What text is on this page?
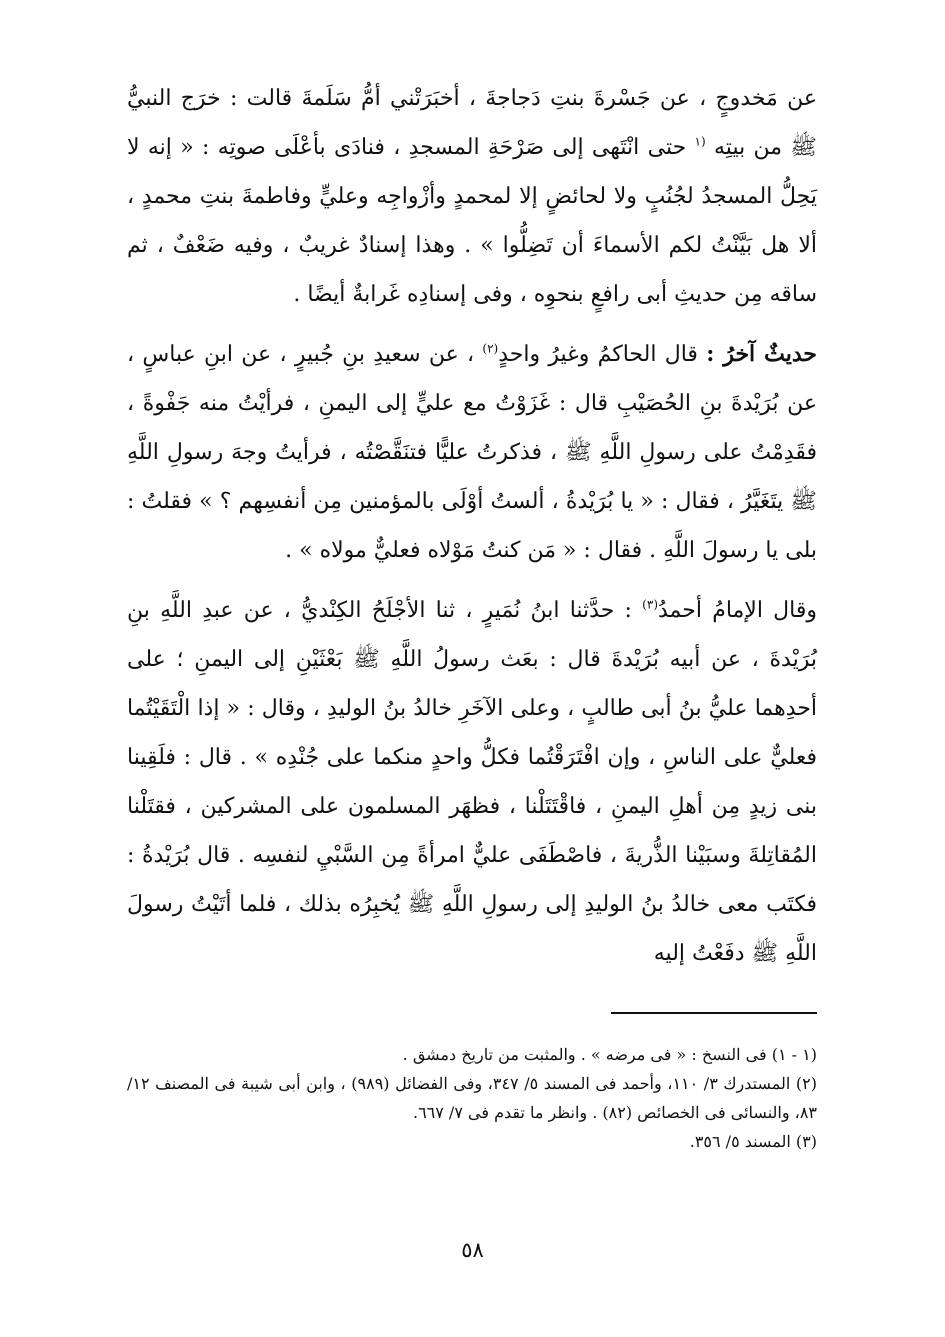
عن مَخدوجٍ ، عن جَسْرةَ بنتِ دَجاجةَ ، أخبَرَتْني أمُّ سَلَمةَ قالت : خرَج النبيُّ ﷺ من بيتِه $^{(١}$ حتى انْتَهى إلى صَرْحَةِ المسجدِ ، فنادَى بأعْلَى صوتِه : « إنه لا يَحِلُّ المسجدُ لجُنُبٍ ولا لحائضٍ إلا لمحمدٍ وأزْواجِه وعليٍّ وفاطمةَ بنتِ محمدٍ ، ألا هل بَيَّنْتُ لكم الأسماءَ أن تَضِلُّوا » . وهذا إسنادٌ غريبٌ ، وفيه ضَعْفٌ ، ثم ساقه مِن حديثِ أبى رافعٍ بنحوِه ، وفى إسنادِه غَرابةٌ أيضًا .

حديثٌ آخرُ : قال الحاكمُ وغيرُ واحدٍ$^{(٢)}$ ، عن سعيدِ بنِ جُبيرٍ ، عن ابنِ عباسٍ ، عن بُرَيْدةَ بنِ الحُصَيْبِ قال : غَزَوْتُ مع عليٍّ إلى اليمنِ ، فرأيْتُ منه جَفْوةً ، فقَدِمْتُ على رسولِ اللَّهِ ﷺ ، فذكرتُ عليًّا فتنَقَّصْتُه ، فرأيتُ وجهَ رسولِ اللَّهِ ﷺ يتَغَيَّرُ ، فقال : « يا بُرَيْدةُ ، ألستُ أوْلَى بالمؤمنين مِن أنفسِهم ؟ » فقلتُ : بلى يا رسولَ اللَّهِ . فقال : « مَن كنتُ مَوْلاه فعليٌّ مولاه » .

وقال الإمامُ أحمدُ$^{(٣)}$ : حدَّثنا ابنُ نُمَيرٍ ، ثنا الأجْلَحُ الكِنْديُّ ، عن عبدِ اللَّهِ بنِ بُرَيْدةَ ، عن أبيه بُرَيْدةَ قال : بعَث رسولُ اللَّهِ ﷺ بَعْثَيْنِ إلى اليمنِ ؛ على أحدِهما عليُّ بنُ أبى طالبٍ ، وعلى الآخَرِ خالدُ بنُ الوليدِ ، وقال : « إذا الْتَقَيْتُما فعليٌّ على الناسِ ، وإن افْتَرَقْتُما فكلُّ واحدٍ منكما على جُنْدِه » . قال : فلَقِينا بنى زيدٍ مِن أهلِ اليمنِ ، فاقْتَتَلْنا ، فظهَر المسلمون على المشركين ، فقتَلْنا المُقاتِلةَ وسبَيْنا الذُّريةَ ، فاصْطَفَى عليٌّ امرأةً مِن السَّبْيِ لنفسِه . قال بُرَيْدةُ : فكتَب معى خالدُ بنُ الوليدِ إلى رسولِ اللَّهِ ﷺ يُخبِرُه بذلك ، فلما أتَيْتُ رسولَ اللَّهِ ﷺ دفَعْتُ إليه

(١ - ١) فى النسخ : « فى مرضه » . والمثبت من تاريخ دمشق .

(٢) المستدرك ٣/ ١١٠، وأحمد فى المسند ٥/ ٣٤٧، وفى الفضائل (٩٨٩) ، وابن أبى شيبة فى المصنف ١٢/ ٨٣، والنسائى فى الخصائص (٨٢) . وانظر ما تقدم فى ٧/ ٦٦٧.

(٣) المسند ٥/ ٣٥٦.

٥٨
